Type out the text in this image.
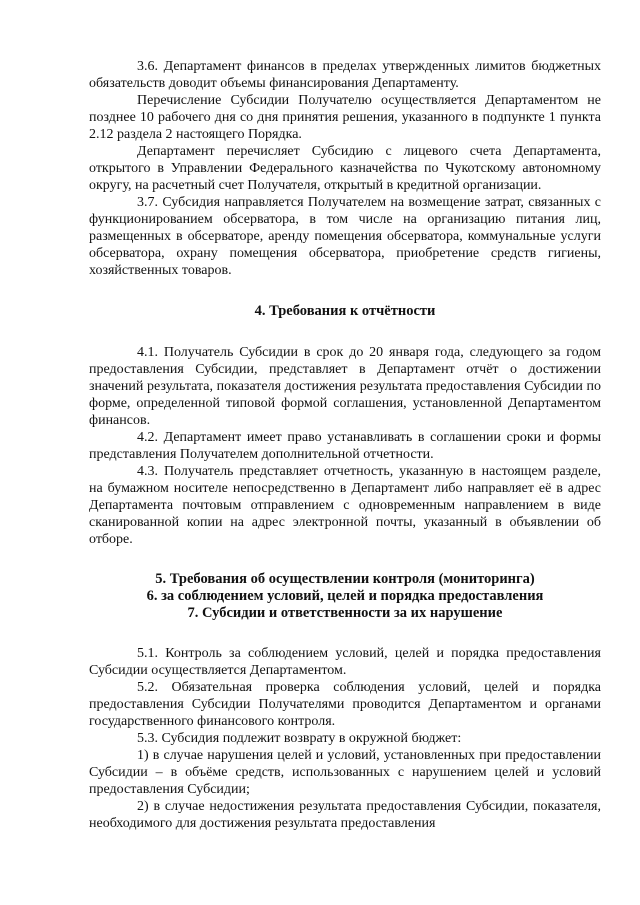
3.6. Департамент финансов в пределах утвержденных лимитов бюджетных обязательств доводит объемы финансирования Департаменту.

Перечисление Субсидии Получателю осуществляется Департаментом не позднее 10 рабочего дня со дня принятия решения, указанного в подпункте 1 пункта 2.12 раздела 2 настоящего Порядка.

Департамент перечисляет Субсидию с лицевого счета Департамента, открытого в Управлении Федерального казначейства по Чукотскому автономному округу, на расчетный счет Получателя, открытый в кредитной организации.

3.7. Субсидия направляется Получателем на возмещение затрат, связанных с функционированием обсерватора, в том числе на организацию питания лиц, размещенных в обсерваторе, аренду помещения обсерватора, коммунальные услуги обсерватора, охрану помещения обсерватора, приобретение средств гигиены, хозяйственных товаров.

4. Требования к отчётности

4.1. Получатель Субсидии в срок до 20 января года, следующего за годом предоставления Субсидии, представляет в Департамент отчёт о достижении значений результата, показателя достижения результата предоставления Субсидии по форме, определенной типовой формой соглашения, установленной Департаментом финансов.

4.2. Департамент имеет право устанавливать в соглашении сроки и формы представления Получателем дополнительной отчетности.

4.3. Получатель представляет отчетность, указанную в настоящем разделе, на бумажном носителе непосредственно в Департамент либо направляет её в адрес Департамента почтовым отправлением с одновременным направлением в виде сканированной копии на адрес электронной почты, указанный в объявлении об отборе.

5. Требования об осуществлении контроля (мониторинга)
6. за соблюдением условий, целей и порядка предоставления
7. Субсидии и ответственности за их нарушение

5.1. Контроль за соблюдением условий, целей и порядка предоставления Субсидии осуществляется Департаментом.

5.2. Обязательная проверка соблюдения условий, целей и порядка предоставления Субсидии Получателями проводится Департаментом и органами государственного финансового контроля.

5.3. Субсидия подлежит возврату в окружной бюджет:

1) в случае нарушения целей и условий, установленных при предоставлении Субсидии – в объёме средств, использованных с нарушением целей и условий предоставления Субсидии;

2) в случае недостижения результата предоставления Субсидии, показателя, необходимого для достижения результата предоставления
